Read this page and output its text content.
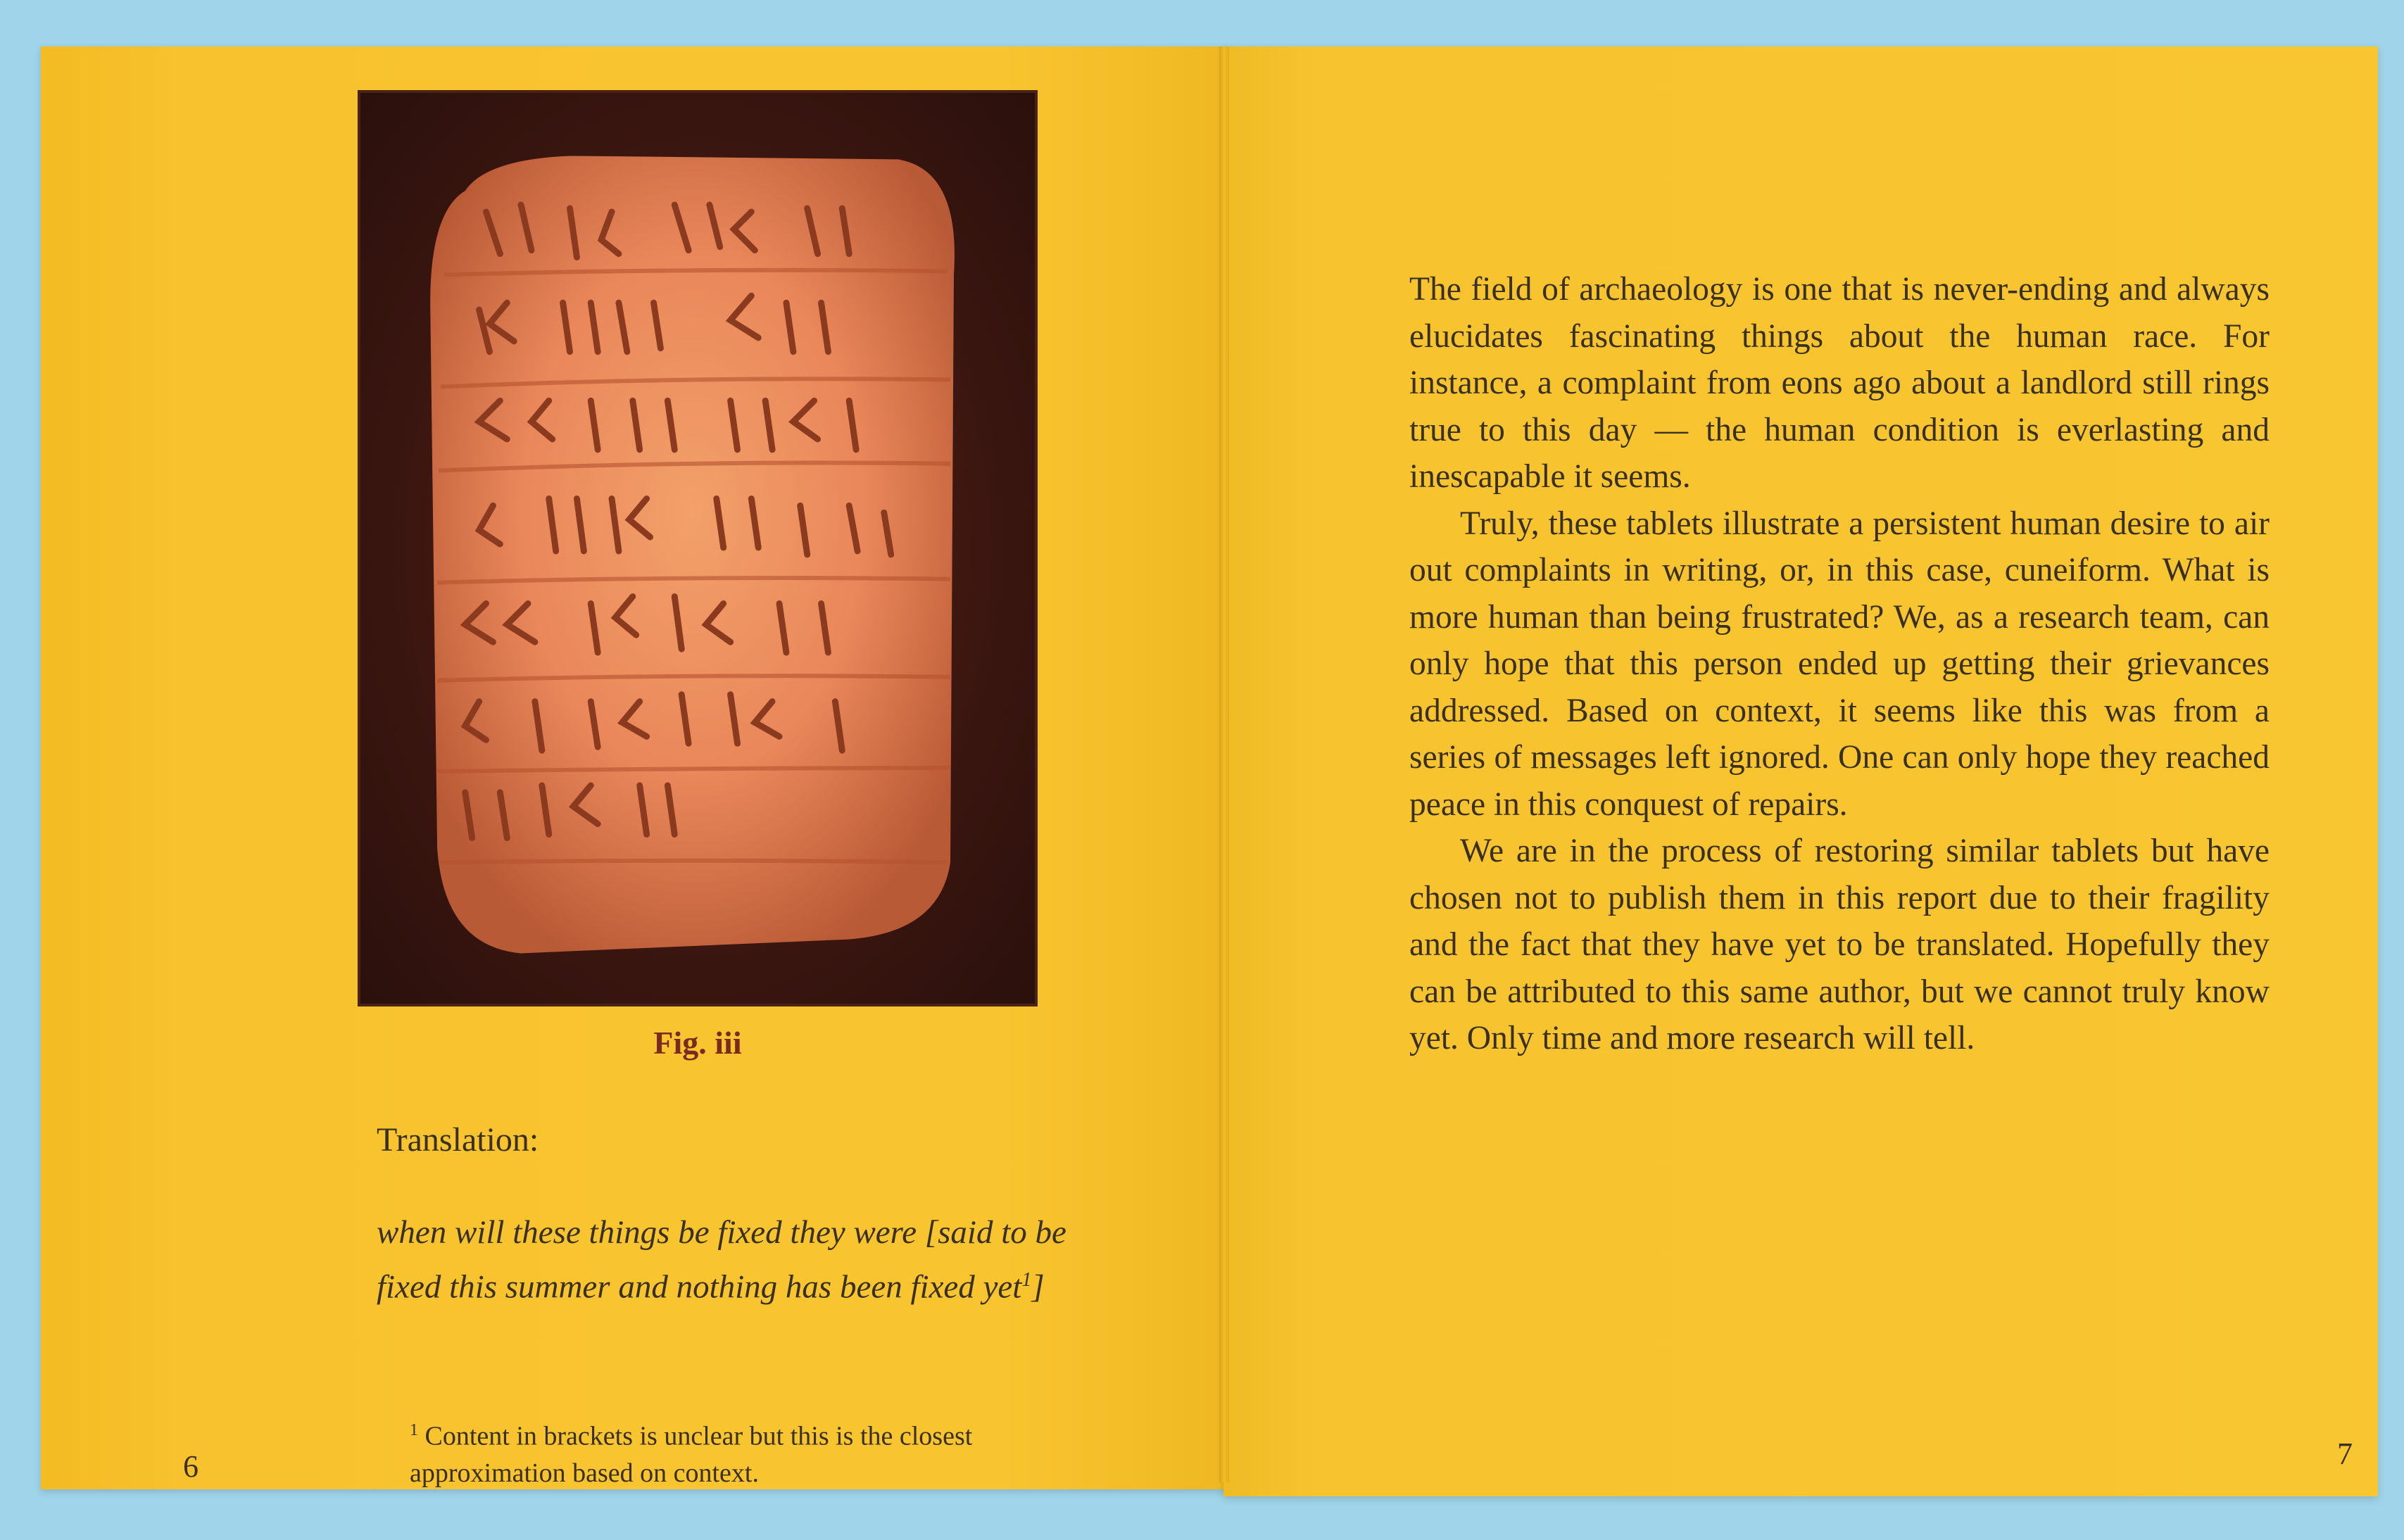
Fig. iii
Translation:
when will these things be fixed they were [said to be fixed this summer and nothing has been fixed yet$^1$]
$^1$ Content in brackets is unclear but this is the closest approximation based on context.
6

The field of archaeology is one that is never-ending and always elucidates fascinating things about the human race. For instance, a complaint from eons ago about a landlord still rings true to this day — the human condition is everlasting and inescapable it seems.

Truly, these tablets illustrate a persistent human desire to air out complaints in writing, or, in this case, cuneiform. What is more human than being frustrated? We, as a research team, can only hope that this person ended up getting their grievances addressed. Based on context, it seems like this was from a series of messages left ignored. One can only hope they reached peace in this conquest of repairs.

We are in the process of restoring similar tablets but have chosen not to publish them in this report due to their fragility and the fact that they have yet to be translated. Hopefully they can be attributed to this same author, but we cannot truly know yet. Only time and more research will tell.

7
